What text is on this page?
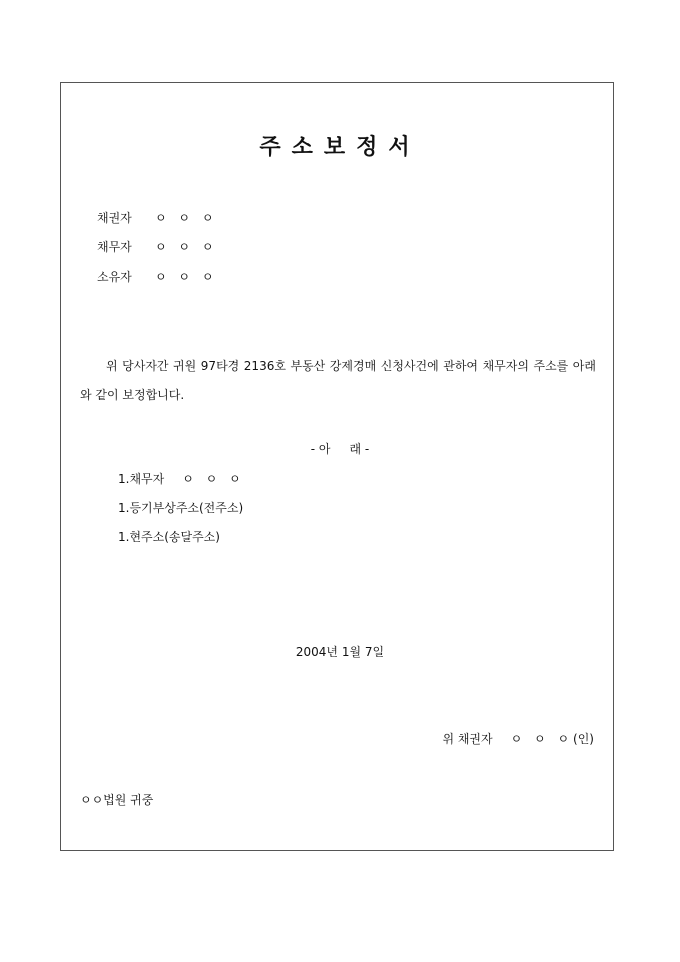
주소보정서
채권자 ㅇ ㅇ ㅇ
채무자 ㅇ ㅇ ㅇ
소유자 ㅇ ㅇ ㅇ
위 당사자간 귀원 97타경 2136호 부동산 강제경매 신청사건에 관하여 채무자의 주소를 아래와 같이 보정합니다.
- 아     래 -
1.채무자 ㅇ ㅇ ㅇ
1.등기부상주소(전주소)
1.현주소(송달주소)
2004년 1월 7일
위 채권자 ㅇ ㅇ ㅇ(인)
ㅇㅇ법원 귀중
